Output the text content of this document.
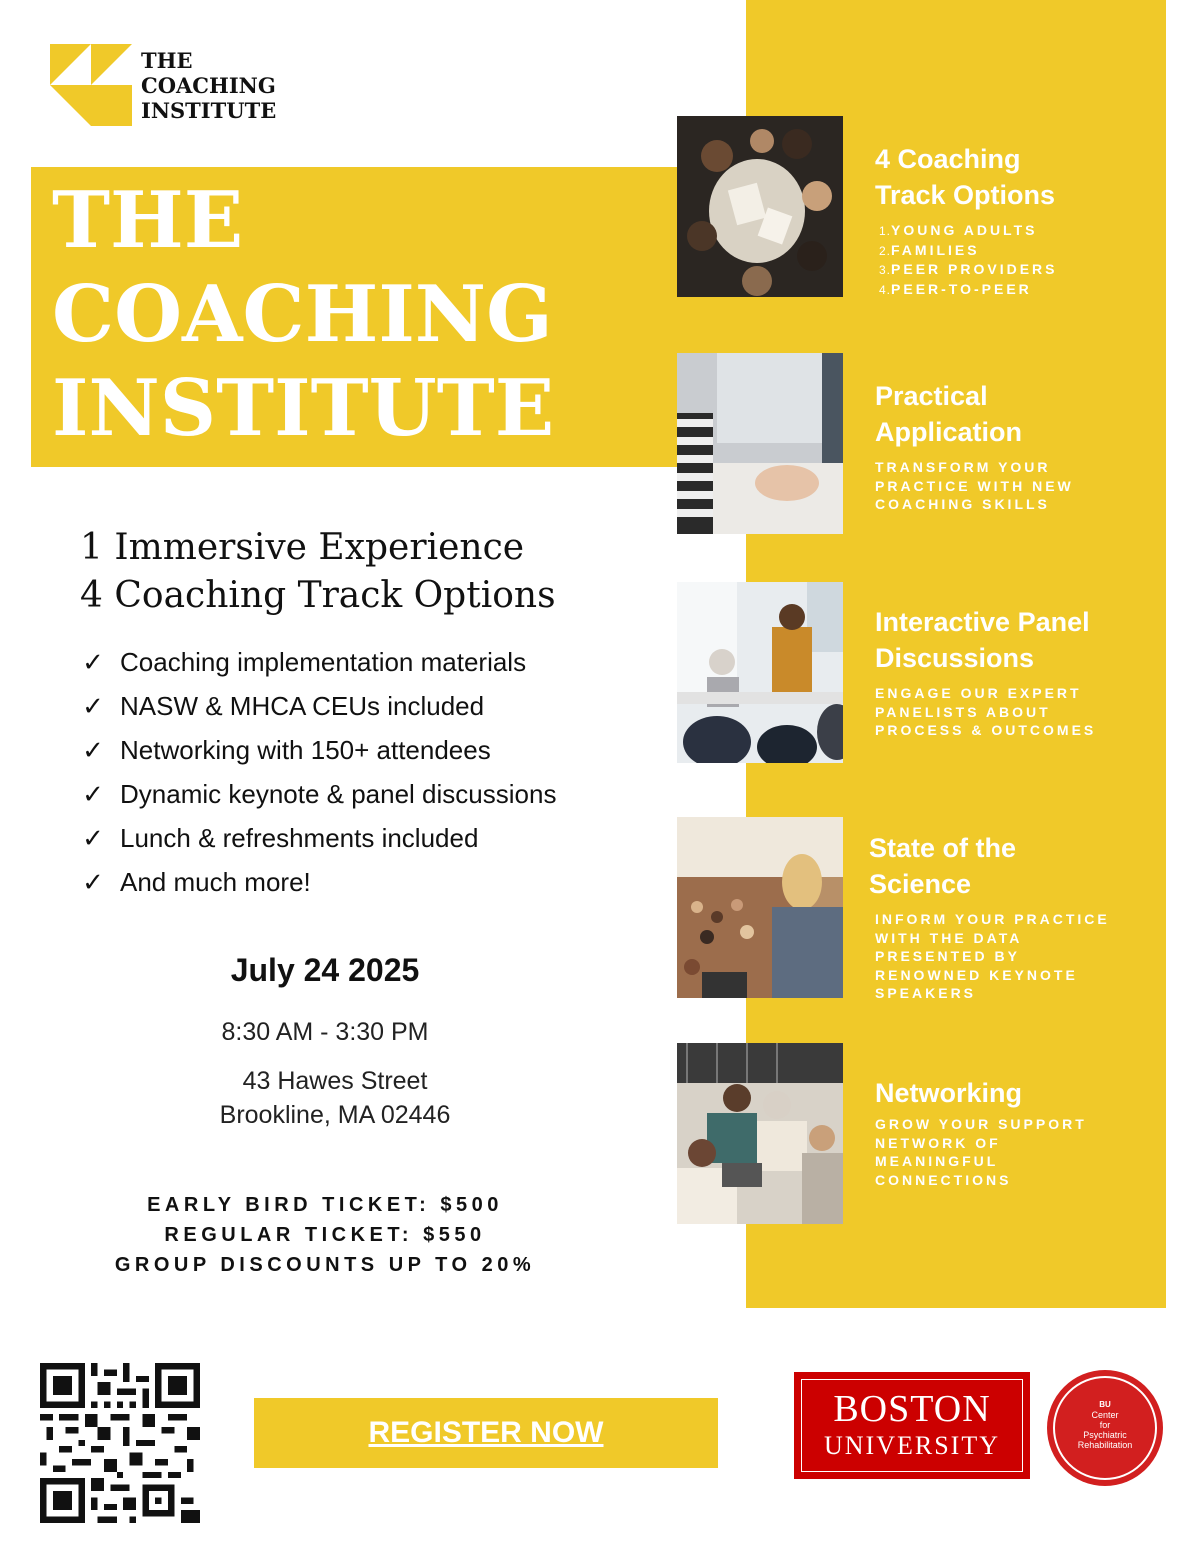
THE
COACHING
INSTITUTE
THE
COACHING
INSTITUTE
1 Immersive Experience
4 Coaching Track Options
✓ Coaching implementation materials
✓ NASW & MHCA CEUs included
✓ Networking with 150+ attendees
✓ Dynamic keynote & panel discussions
✓ Lunch & refreshments included
✓ And much more!
July 24 2025
8:30 AM - 3:30 PM
43 Hawes Street
Brookline, MA 02446
EARLY BIRD TICKET: $500
REGULAR TICKET: $550
GROUP DISCOUNTS UP TO 20%
4 Coaching
Track Options
1.YOUNG ADULTS
2.FAMILIES
3.PEER PROVIDERS
4.PEER-TO-PEER
Practical
Application
TRANSFORM YOUR
PRACTICE WITH NEW
COACHING SKILLS
Interactive Panel
Discussions
ENGAGE OUR EXPERT
PANELISTS ABOUT
PROCESS & OUTCOMES
State of the
Science
INFORM YOUR PRACTICE
WITH THE DATA
PRESENTED BY
RENOWNED KEYNOTE
SPEAKERS
Networking
GROW YOUR SUPPORT
NETWORK OF
MEANINGFUL
CONNECTIONS
REGISTER NOW
BOSTON
UNIVERSITY
BU
Center
for
Psychiatric
Rehabilitation
